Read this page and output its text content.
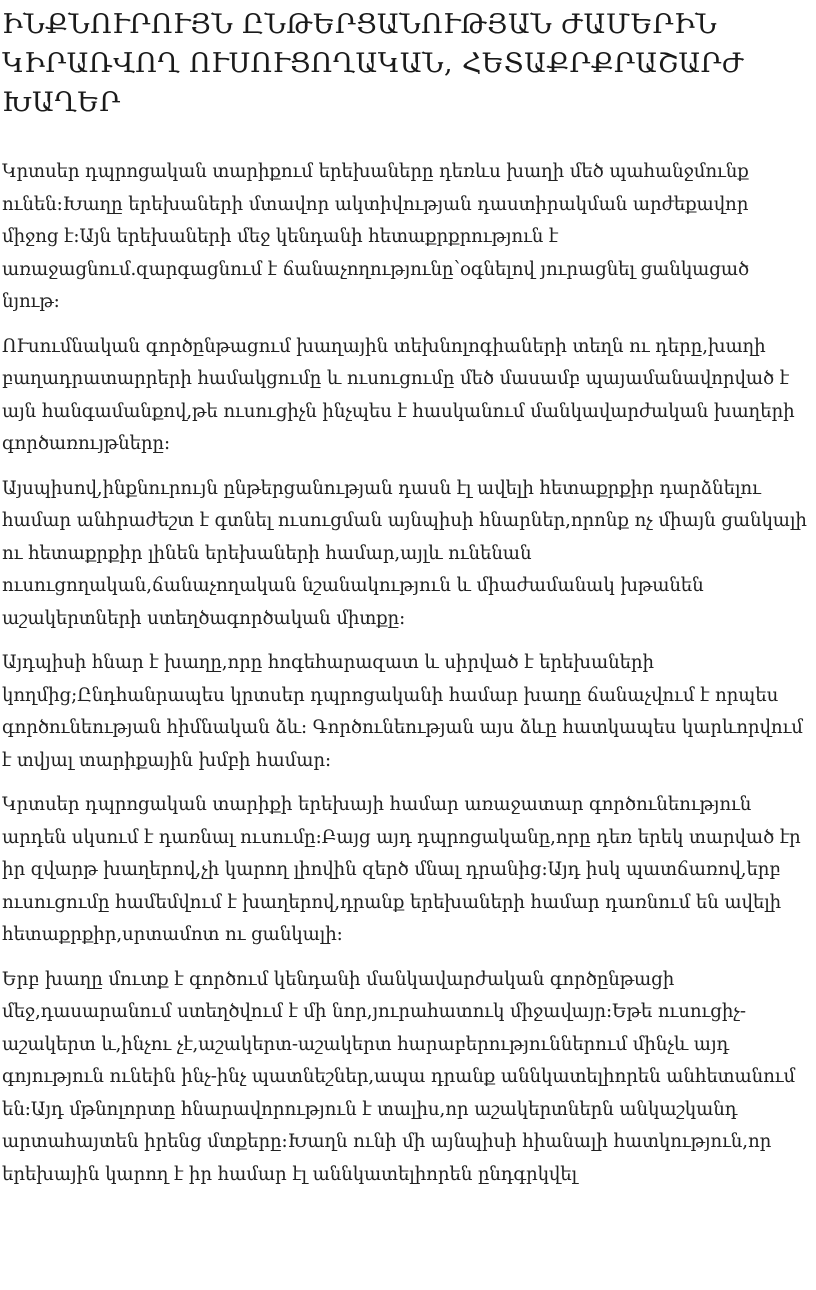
ԻՆՔՆՈՒՐՈՒՅՆ ԸՆԹԵՐՑԱՆՈՒԹՅԱՆ ԺԱՄԵՐԻՆ ԿԻՐԱՌՎՈՂ ՈՒՍՈՒՑՈՂԱԿԱՆ, ՀԵՏԱՔՐՔՐԱՇԱՐԺ ԽԱՂԵՐ

Կրտսեր դպրոցական տարիքում երեխաները դեռևս խաղի մեծ պահանջմունք ունեն:Խաղը երեխաների մտավոր ակտիվության դաստիրակման արժեքավոր միջոց է:Այն երեխաների մեջ կենդանի հետաքրքրություն է առաջացնում.զարգացնում է ճանաչողությունը՝օգնելով յուրացնել ցանկացած նյութ:

ՈՒսումնական գործընթացում խաղային տեխնոլոգիաների տեղն ու դերը,խաղի բաղադրատարրերի համակցումը և ուսուցումը մեծ մասամբ պայամանավորված է այն հանգամանքով,թե ուսուցիչն ինչպես է հասկանում մանկավարժական խաղերի գործառույթները:

Այսպիսով,ինքնուրույն ընթերցանության դասն էլ ավելի հետաքրքիր դարձնելու համար անհրաժեշտ է գտնել ուսուցման այնպիսի հնարներ,որոնք ոչ միայն ցանկալի ու հետաքրքիր լինեն երեխաների համար,այլև ունենան ուսուցողական,ճանաչողական նշանակություն և միաժամանակ խթանեն աշակերտների ստեղծագործական միտքը:

Այդպիսի հնար է խաղը,որը հոգեհարազատ և սիրված է երեխաների կողմից;Ընդհանրապես կրտսեր դպրոցականի համար խաղը ճանաչվում է որպես գործունեության հիմնական ձև: Գործունեության այս ձևը հատկապես կարևորվում է տվյալ տարիքային խմբի համար:

Կրտսեր դպրոցական տարիքի երեխայի համար առաջատար գործունեություն արդեն սկսում է դառնալ ուսումը:Բայց այդ դպրոցականը,որը դեռ երեկ տարված էր իր զվարթ խաղերով,չի կարող լիովին զերծ մնալ դրանից:Այդ իսկ պատճառով,երբ ուսուցումը համեմվում է խաղերով,դրանք երեխաների համար դառնում են ավելի հետաքրքիր,սրտամոտ ու ցանկալի:

Երբ խաղը մուտք է գործում կենդանի մանկավարժական գործընթացի մեջ,դասարանում ստեղծվում է մի նոր,յուրահատուկ միջավայր:Եթե ուսուցիչ-աշակերտ և,ինչու չէ,աշակերտ-աշակերտ հարաբերություններում մինչև այդ գոյություն ունեին ինչ-ինչ պատնեշներ,ապա դրանք աննկատելիորեն անհետանում են:Այդ մթնոլորտը հնարավորություն է տալիս,որ աշակերտներն անկաշկանդ արտահայտեն իրենց մտքերը:Խաղն ունի մի այնպիսի հիանալի հատկություն,որ երեխային կարող է իր համար էլ աննկատելիորեն ընդգրկվել
